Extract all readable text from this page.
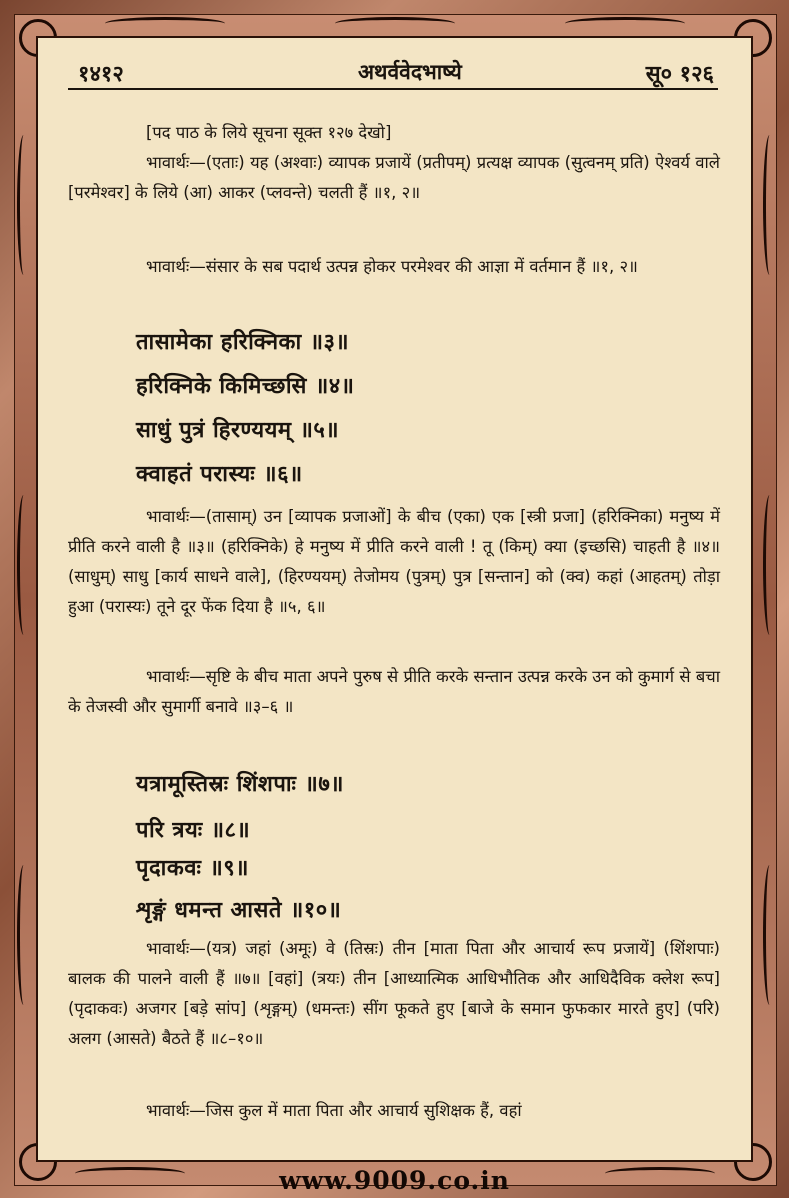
१४१२	अथर्ववेदभाष्ये	सू० १२६
[पद पाठ के लिये सूचना सूक्त १२७ देखो]
भावार्थः—(एताः) यह (अश्वाः) व्यापक प्रजायें (प्रतीपम्) प्रत्यक्ष व्यापक (सुत्वनम् प्रति) ऐश्वर्य वाले [परमेश्वर] के लिये (आ) आकर (प्लवन्ते) चलती हैं ॥१, २॥
भावार्थः—संसार के सब पदार्थ उत्पन्न होकर परमेश्वर की आज्ञा में वर्तमान हैं ॥१, २॥
तासामेका हरिक्निका ॥३॥
हरिक्निके किमिच्छसि ॥४॥
साधुं पुत्रं हिरण्ययम् ॥५॥
क्वाहतं परास्यः ॥६॥
भावार्थः—(तासाम्) उन [व्यापक प्रजाओं] के बीच (एका) एक [स्त्री प्रजा] (हरिक्निका) मनुष्य में प्रीति करने वाली है ॥३॥ (हरिक्निके) हे मनुष्य में प्रीति करने वाली ! तू (किम्) क्या (इच्छसि) चाहती है ॥४॥ (साधुम्) साधु [कार्य साधने वाले], (हिरण्ययम्) तेजोमय (पुत्रम्) पुत्र [सन्तान] को (क्व) कहां (आहतम्) तोड़ा हुआ (परास्यः) तूने दूर फेंक दिया है ॥५, ६॥
भावार्थः—सृष्टि के बीच माता अपने पुरुष से प्रीति करके सन्तान उत्पन्न करके उन को कुमार्ग से बचा के तेजस्वी और सुमार्गी बनावे ॥३–६ ॥
यत्रामूस्तिस्रः शिंशपाः ॥७॥
परि त्रयः ॥८॥
पृदाकवः ॥९॥
शृङ्गं धमन्त आसते ॥१०॥
भावार्थः—(यत्र) जहां (अमूः) वे (तिस्रः) तीन [माता पिता और आचार्य रूप प्रजायें] (शिंशपाः) बालक की पालने वाली हैं ॥७॥ [वहां] (त्रयः) तीन [आध्यात्मिक आधिभौतिक और आधिदैविक क्लेश रूप] (पृदाकवः) अजगर [बड़े सांप] (शृङ्गम्) (धमन्तः) सींग फूकते हुए [बाजे के समान फुफकार मारते हुए] (परि) अलग (आसते) बैठते हैं ॥८–१०॥
भावार्थः—जिस कुल में माता पिता और आचार्य सुशिक्षक हैं, वहां
www.9009.co.in
